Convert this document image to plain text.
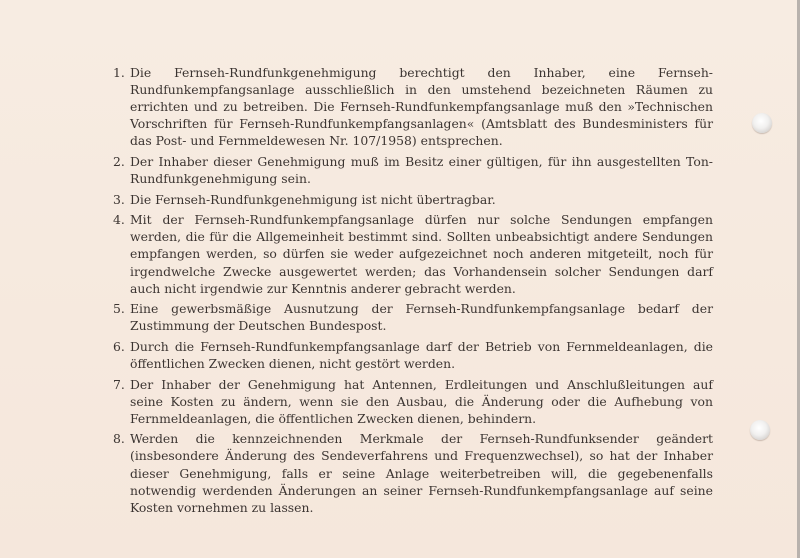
1. Die Fernseh-Rundfunkgenehmigung berechtigt den Inhaber, eine Fernseh-Rundfunkempfangsanlage ausschließlich in den umstehend bezeichneten Räumen zu errichten und zu betreiben. Die Fernseh-Rundfunkempfangsanlage muß den »Technischen Vorschriften für Fernseh-Rundfunkempfangsanlagen« (Amtsblatt des Bundesministers für das Post- und Fernmeldewesen Nr. 107/1958) entsprechen.
2. Der Inhaber dieser Genehmigung muß im Besitz einer gültigen, für ihn ausgestellten Ton-Rundfunkgenehmigung sein.
3. Die Fernseh-Rundfunkgenehmigung ist nicht übertragbar.
4. Mit der Fernseh-Rundfunkempfangsanlage dürfen nur solche Sendungen empfangen werden, die für die Allgemeinheit bestimmt sind. Sollten unbeabsichtigt andere Sendungen empfangen werden, so dürfen sie weder aufgezeichnet noch anderen mitgeteilt, noch für irgendwelche Zwecke ausgewertet werden; das Vorhandensein solcher Sendungen darf auch nicht irgendwie zur Kenntnis anderer gebracht werden.
5. Eine gewerbsmäßige Ausnutzung der Fernseh-Rundfunkempfangsanlage bedarf der Zustimmung der Deutschen Bundespost.
6. Durch die Fernseh-Rundfunkempfangsanlage darf der Betrieb von Fernmeldeanlagen, die öffentlichen Zwecken dienen, nicht gestört werden.
7. Der Inhaber der Genehmigung hat Antennen, Erdleitungen und Anschlußleitungen auf seine Kosten zu ändern, wenn sie den Ausbau, die Änderung oder die Aufhebung von Fernmeldeanlagen, die öffentlichen Zwecken dienen, behindern.
8. Werden die kennzeichnenden Merkmale der Fernseh-Rundfunksender geändert (insbesondere Änderung des Sendeverfahrens und Frequenzwechsel), so hat der Inhaber dieser Genehmigung, falls er seine Anlage weiterbetreiben will, die gegebenenfalls notwendig werdenden Änderungen an seiner Fernseh-Rundfunkempfangsanlage auf seine Kosten vornehmen zu lassen.
